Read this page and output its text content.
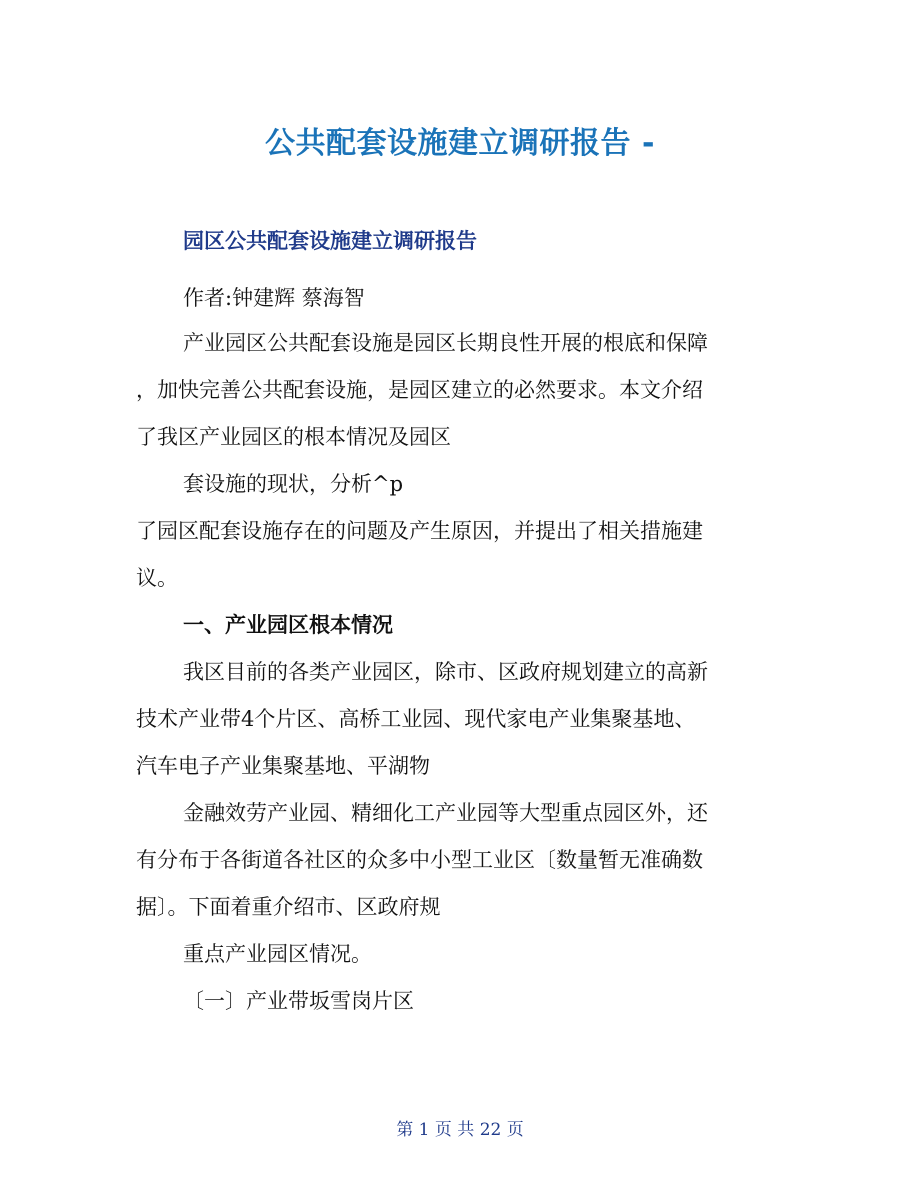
公共配套设施建立调研报告 -
园区公共配套设施建立调研报告
作者:钟建辉 蔡海智
产业园区公共配套设施是园区长期良性开展的根底和保障
，加快完善公共配套设施，是园区建立的必然要求。本文介绍
了我区产业园区的根本情况及园区
套设施的现状，分析^p
了园区配套设施存在的问题及产生原因，并提出了相关措施建
议。
一、产业园区根本情况
我区目前的各类产业园区，除市、区政府规划建立的高新
技术产业带4个片区、高桥工业园、现代家电产业集聚基地、
汽车电子产业集聚基地、平湖物
金融效劳产业园、精细化工产业园等大型重点园区外，还
有分布于各街道各社区的众多中小型工业区〔数量暂无准确数
据〕。下面着重介绍市、区政府规
重点产业园区情况。
〔一〕产业带坂雪岗片区
第 1 页 共 22 页
